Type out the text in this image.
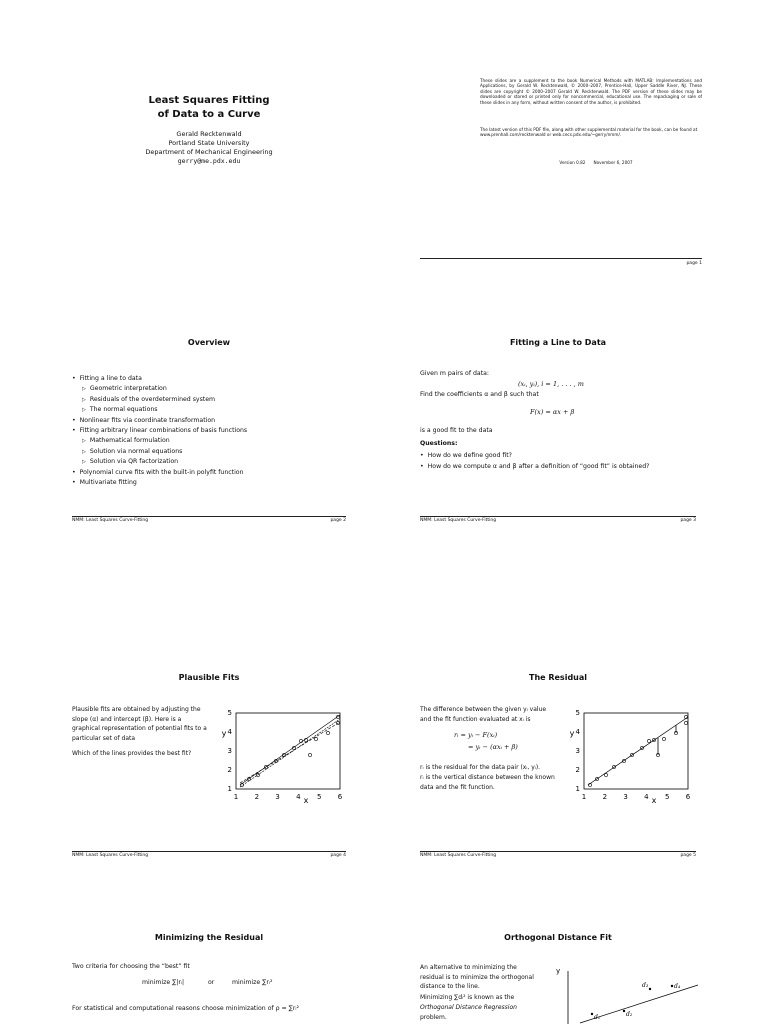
Least Squares Fitting
of Data to a Curve
Gerald Recktenwald
Portland State University
Department of Mechanical Engineering
gerry@me.pdx.edu
These slides are a supplement to the book Numerical Methods with MATLAB: Implementations and Applications, by Gerald W. Recktenwald, © 2000–2007, Prentice-Hall, Upper Saddle River, NJ. These slides are copyright © 2000–2007 Gerald W. Recktenwald. The PDF version of these slides may be downloaded or stored or printed only for noncommercial, educational use. The repackaging or sale of these slides in any form, without written consent of the author, is prohibited.
The latest version of this PDF file, along with other supplemental material for the book, can be found at www.prenhall.com/recktenwald or web.cecs.pdx.edu/~gerry/nmm/.
Version 0.82 November 6, 2007
page 1
Overview
• Fitting a line to data
▷ Geometric interpretation
▷ Residuals of the overdetermined system
▷ The normal equations
• Nonlinear fits via coordinate transformation
• Fitting arbitrary linear combinations of basis functions
▷ Mathematical formulation
▷ Solution via normal equations
▷ Solution via QR factorization
• Polynomial curve fits with the built-in polyfit function
• Multivariate fitting
NMM: Least Squares Curve-Fitting	page 2
Fitting a Line to Data
Given m pairs of data:
(xᵢ, yᵢ), i = 1, . . . , m
Find the coefficients α and β such that
F(x) = αx + β
is a good fit to the data
Questions:
• How do we define good fit?
• How do we compute α and β after a definition of “good fit” is obtained?
NMM: Least Squares Curve-Fitting	page 3
Plausible Fits
Plausible fits are obtained by adjusting the slope (α) and intercept (β). Here is a graphical representation of potential fits to a particular set of data
Which of the lines provides the best fit?
1 2 3 4 5 6
1
2
3
4
5
x
y
NMM: Least Squares Curve-Fitting	page 4
The Residual
The difference between the given yᵢ value and the fit function evaluated at xᵢ is
rᵢ = yᵢ − F(xᵢ)
= yᵢ − (αxᵢ + β)
rᵢ is the residual for the data pair (xᵢ, yᵢ).
rᵢ is the vertical distance between the known data and the fit function.
1 2 3 4 5 6
1
2
3
4
5
x
y
NMM: Least Squares Curve-Fitting	page 5
Minimizing the Residual
Two criteria for choosing the “best” fit
minimize ∑|rᵢ|	or	minimize ∑rᵢ²
For statistical and computational reasons choose minimization of ρ = ∑rᵢ²
Orthogonal Distance Fit
An alternative to minimizing the residual is to minimize the orthogonal distance to the line.
Minimizing ∑dᵢ² is known as the
Orthogonal Distance Regression
problem.
y
d₁	d₂
d₃	d₄
